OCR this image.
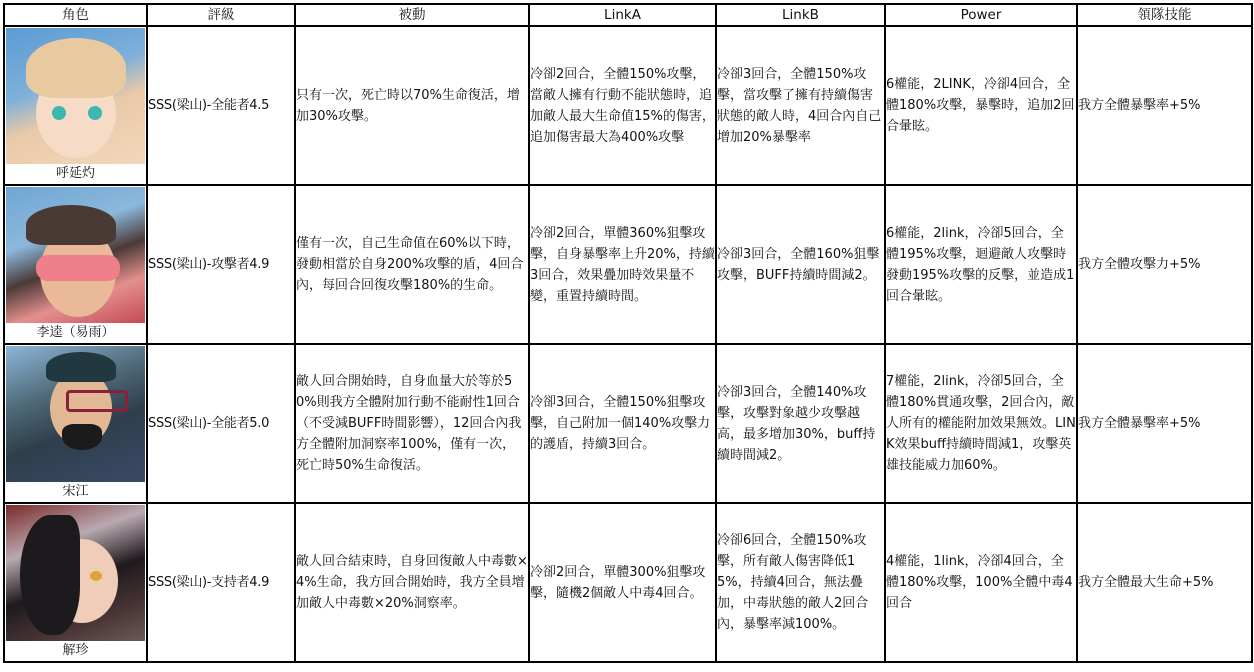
角色	評級	被動	LinkA	LinkB	Power	領隊技能

呼延灼	SSS(梁山)-全能者4.5	只有一次，死亡時以70%生命復活，增加30%攻擊。	冷卻2回合，全體150%攻擊，當敵人擁有行動不能狀態時，追加敵人最大生命值15%的傷害，追加傷害最大為400%攻擊	冷卻3回合，全體150%攻擊，當攻擊了擁有持續傷害狀態的敵人時，4回合內自己增加20%暴擊率	6權能，2LINK，冷卻4回合，全體180%攻擊，暴擊時，追加2回合暈眩。	我方全體暴擊率+5%

李逵（易雨）	SSS(梁山)-攻擊者4.9	僅有一次，自己生命值在60%以下時，發動相當於自身200%攻擊的盾，4回合內，每回合回復攻擊180%的生命。	冷卻2回合，單體360%狙擊攻擊，自身暴擊率上升20%，持續3回合，效果疊加時效果量不變，重置持續時間。	冷卻3回合，全體160%狙擊攻擊，BUFF持續時間減2。	6權能，2link，冷卻5回合，全體195%攻擊，迴避敵人攻擊時發動195%攻擊的反擊，並造成1回合暈眩。	我方全體攻擊力+5%

宋江	SSS(梁山)-全能者5.0	敵人回合開始時，自身血量大於等於50%則我方全體附加行動不能耐性1回合（不受減BUFF時間影響），12回合內我方全體附加洞察率100%，僅有一次，死亡時50%生命復活。	冷卻3回合，全體150%狙擊攻擊，自己附加一個140%攻擊力的護盾，持續3回合。	冷卻3回合，全體140%攻擊，攻擊對象越少攻擊越高，最多增加30%，buff持續時間減2。	7權能，2link，冷卻5回合，全體180%貫通攻擊，2回合內，敵人所有的權能附加效果無效。LINK效果buff持續時間減1，攻擊英雄技能威力加60%。	我方全體暴擊率+5%

解珍	SSS(梁山)-支持者4.9	敵人回合結束時，自身回復敵人中毒數×4%生命，我方回合開始時，我方全員增加敵人中毒數×20%洞察率。	冷卻2回合，單體300%狙擊攻擊，隨機2個敵人中毒4回合。	冷卻6回合，全體150%攻擊，所有敵人傷害降低15%，持續4回合，無法疊加，中毒狀態的敵人2回合內，暴擊率減100%。	4權能，1link，冷卻4回合，全體180%攻擊，100%全體中毒4回合	我方全體最大生命+5%
